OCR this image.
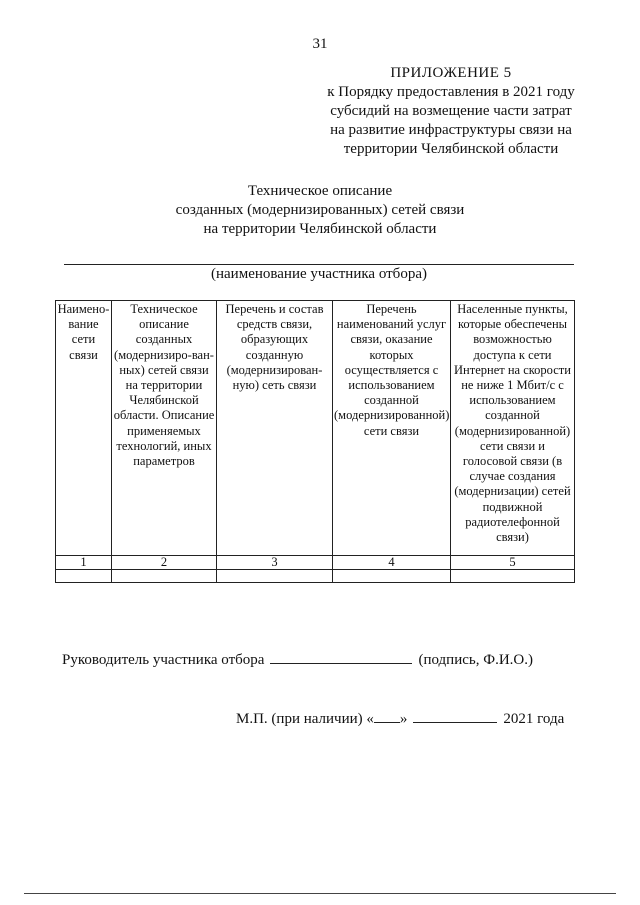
31
ПРИЛОЖЕНИЕ 5
к Порядку предоставления в 2021 году
субсидий на возмещение части затрат
на развитие инфраструктуры связи на
территории Челябинской области
Техническое описание
созданных (модернизированных) сетей связи
на территории Челябинской области
(наименование участника отбора)
Наимено-вание сети связи	Техническое описание созданных (модернизиро-ван-ных) сетей связи на территории Челябинской области. Описание применяемых технологий, иных параметров	Перечень и состав средств связи, образующих созданную (модернизирован-ную) сеть связи	Перечень наименований услуг связи, оказание которых осуществляется с использованием созданной (модернизированной) сети связи	Населенные пункты, которые обеспечены возможностью доступа к сети Интернет на скорости не ниже 1 Мбит/с с использованием созданной (модернизированной) сети связи и голосовой связи (в случае создания (модернизации) сетей подвижной радиотелефонной связи)
1	2	3	4	5

Руководитель участника отбора	(подпись, Ф.И.О.)
М.П. (при наличии) « »	2021 года
